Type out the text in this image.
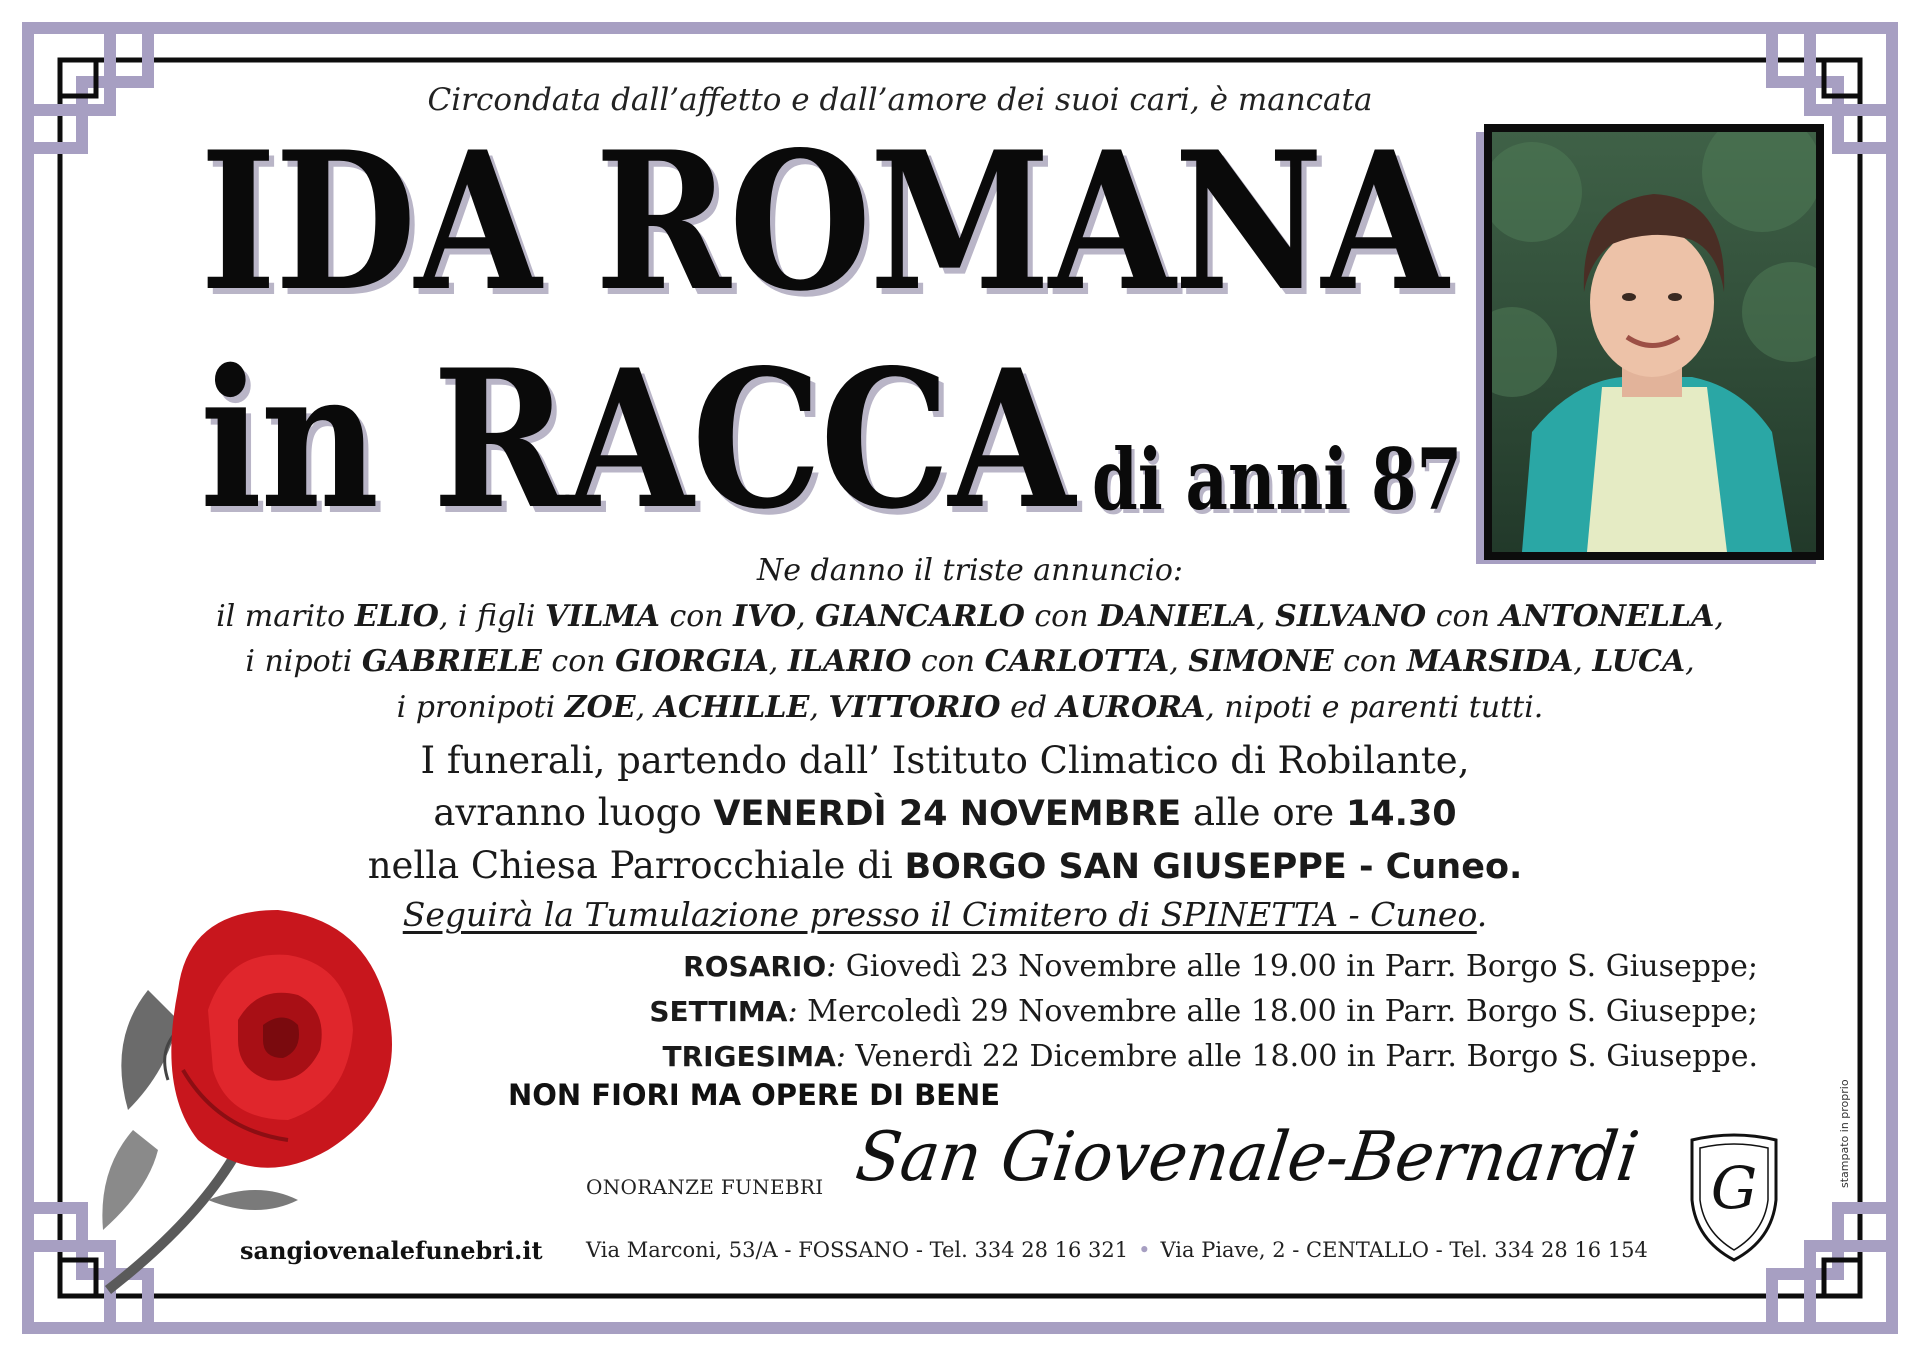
Circondata dall’affetto e dall’amore dei suoi cari, è mancata
IDA ROMANA
in RACCA di anni 87
Ne danno il triste annuncio:
il marito ELIO, i figli VILMA con IVO, GIANCARLO con DANIELA, SILVANO con ANTONELLA,
i nipoti GABRIELE con GIORGIA, ILARIO con CARLOTTA, SIMONE con MARSIDA, LUCA,
i pronipoti ZOE, ACHILLE, VITTORIO ed AURORA, nipoti e parenti tutti.
I funerali, partendo dall’ Istituto Climatico di Robilante,
avranno luogo VENERDÌ 24 NOVEMBRE alle ore 14.30
nella Chiesa Parrocchiale di BORGO SAN GIUSEPPE - Cuneo.
Seguirà la Tumulazione presso il Cimitero di SPINETTA - Cuneo.
ROSARIO: Giovedì 23 Novembre alle 19.00 in Parr. Borgo S. Giuseppe;
SETTIMA: Mercoledì 29 Novembre alle 18.00 in Parr. Borgo S. Giuseppe;
TRIGESIMA: Venerdì 22 Dicembre alle 18.00 in Parr. Borgo S. Giuseppe.
NON FIORI MA OPERE DI BENE
sangiovenalefunebri.it
ONORANZE FUNEBRI San Giovenale-Bernardi	G
Via Marconi, 53/A - FOSSANO - Tel. 334 28 16 321 • Via Piave, 2 - CENTALLO - Tel. 334 28 16 154
stampato in proprio
